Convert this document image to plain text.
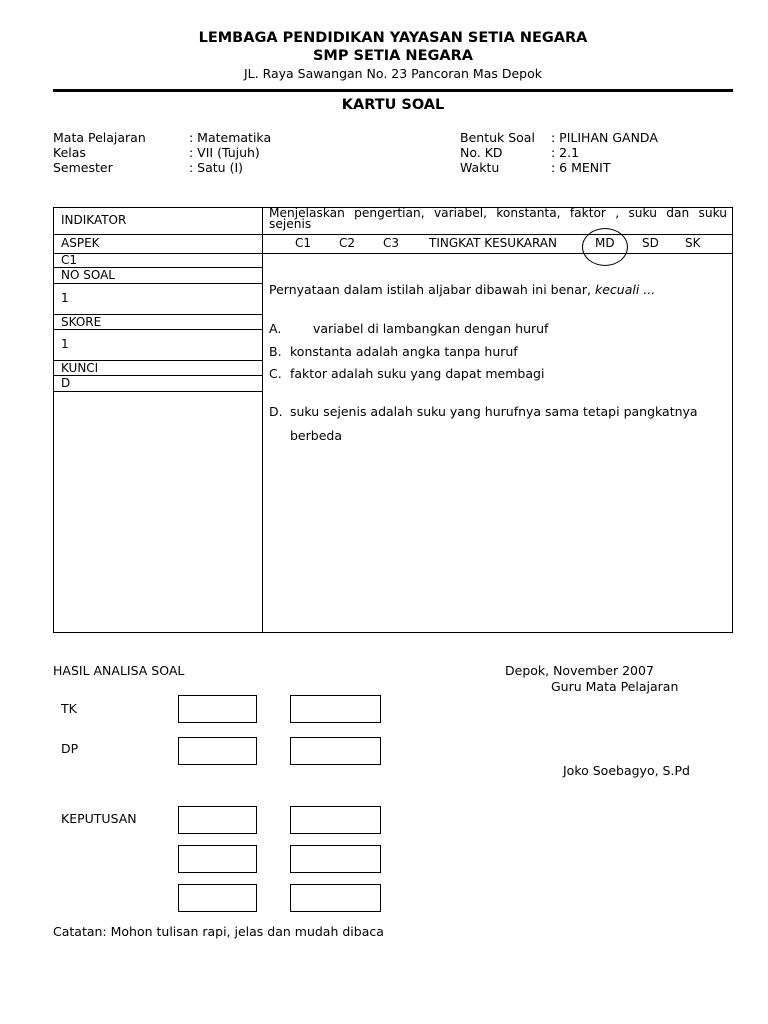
LEMBAGA PENDIDIKAN YAYASAN SETIA NEGARA
SMP SETIA NEGARA
JL. Raya Sawangan No. 23 Pancoran Mas Depok
KARTU SOAL
Mata Pelajaran
Kelas
Semester
: Matematika
: VII (Tujuh)
: Satu (I)
Bentuk Soal
No. KD
Waktu
: PILIHAN GANDA
: 2.1
: 6 MENIT
INDIKATOR
ASPEK
C1
NO SOAL
1
SKORE
1
KUNCI
D
Menjelaskan pengertian, variabel, konstanta, faktor , suku dan suku sejenis
C1 C2 C3 TINGKAT KESUKARAN	MD SD SK
Pernyataan dalam istilah aljabar dibawah ini benar, kecuali ...
A.	variabel di lambangkan dengan huruf
B. konstanta adalah angka tanpa huruf
C. faktor adalah suku yang dapat membagi
D. suku sejenis adalah suku yang hurufnya sama tetapi pangkatnya
berbeda
HASIL ANALISA SOAL
TK
DP
KEPUTUSAN
Depok, November 2007
Guru Mata Pelajaran
Joko Soebagyo, S.Pd
Catatan: Mohon tulisan rapi, jelas dan mudah dibaca
